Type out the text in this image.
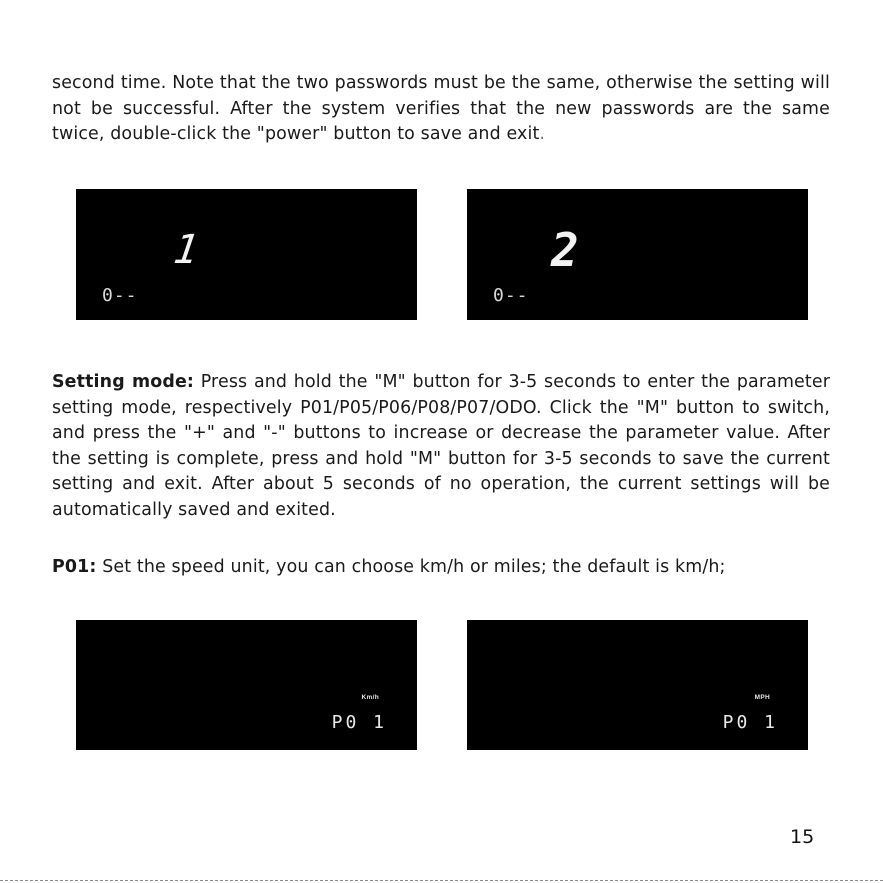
second time. Note that the two passwords must be the same, otherwise the setting will not be successful. After the system verifies that the new passwords are the same twice, double-click the "power" button to save and exit.

1
0--
2
0--

Setting mode: Press and hold the "M" button for 3-5 seconds to enter the parameter setting mode, respectively P01/P05/P06/P08/P07/ODO. Click the "M" button to switch, and press the "+" and "-" buttons to increase or decrease the parameter value. After the setting is complete, press and hold "M" button for 3-5 seconds to save the current setting and exit. After about 5 seconds of no operation, the current settings will be automatically saved and exited.

P01: Set the speed unit, you can choose km/h or miles; the default is km/h;

Km/h
P0 1
MPH
P0 1
15
